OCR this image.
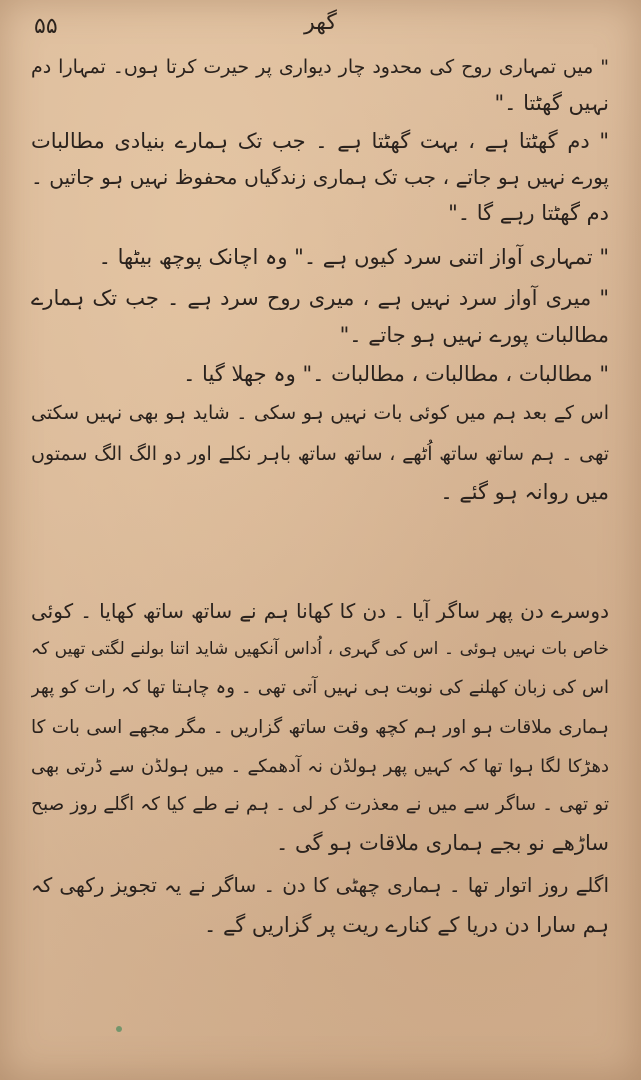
۵۵	گھر
" میں تمہاری روح کی محدود چار دیواری پر حیرت کرتا ہوں۔ تمہارا دم
نہیں گھٹتا ۔"
" دم گھٹتا ہے ، بہت گھٹتا ہے ۔ جب تک ہمارے بنیادی مطالبات
پورے نہیں ہو جاتے ، جب تک ہماری زندگیاں محفوظ نہیں ہو جاتیں ۔
دم گھٹتا رہے گا ۔"
" تمہاری آواز اتنی سرد کیوں ہے ۔" وہ اچانک پوچھ بیٹھا ۔
" میری آواز سرد نہیں ہے ، میری روح سرد ہے ۔ جب تک ہمارے
مطالبات پورے نہیں ہو جاتے ۔"
" مطالبات ، مطالبات ، مطالبات ۔" وہ جھلا گیا ۔
اس کے بعد ہم میں کوئی بات نہیں ہو سکی ۔ شاید ہو بھی نہیں سکتی
تھی ۔ ہم ساتھ ساتھ اُٹھے ، ساتھ ساتھ باہر نکلے اور دو الگ الگ سمتوں
میں روانہ ہو گئے ۔
دوسرے دن پھر ساگر آیا ۔ دن کا کھانا ہم نے ساتھ ساتھ کھایا ۔ کوئی
خاص بات نہیں ہوئی ۔ اس کی گہری ، اُداس آنکھیں شاید اتنا بولنے لگتی تھیں کہ
اس کی زبان کھلنے کی نوبت ہی نہیں آتی تھی ۔ وہ چاہتا تھا کہ رات کو پھر
ہماری ملاقات ہو اور ہم کچھ وقت ساتھ گزاریں ۔ مگر مجھے اسی بات کا
دھڑکا لگا ہوا تھا کہ کہیں پھر ہولڈن نہ آدھمکے ۔ میں ہولڈن سے ڈرتی بھی
تو تھی ۔ ساگر سے میں نے معذرت کر لی ۔ ہم نے طے کیا کہ اگلے روز صبح
ساڑھے نو بجے ہماری ملاقات ہو گی ۔
اگلے روز اتوار تھا ۔ ہماری چھٹی کا دن ۔ ساگر نے یہ تجویز رکھی کہ
ہم سارا دن دریا کے کنارے ریت پر گزاریں گے ۔
